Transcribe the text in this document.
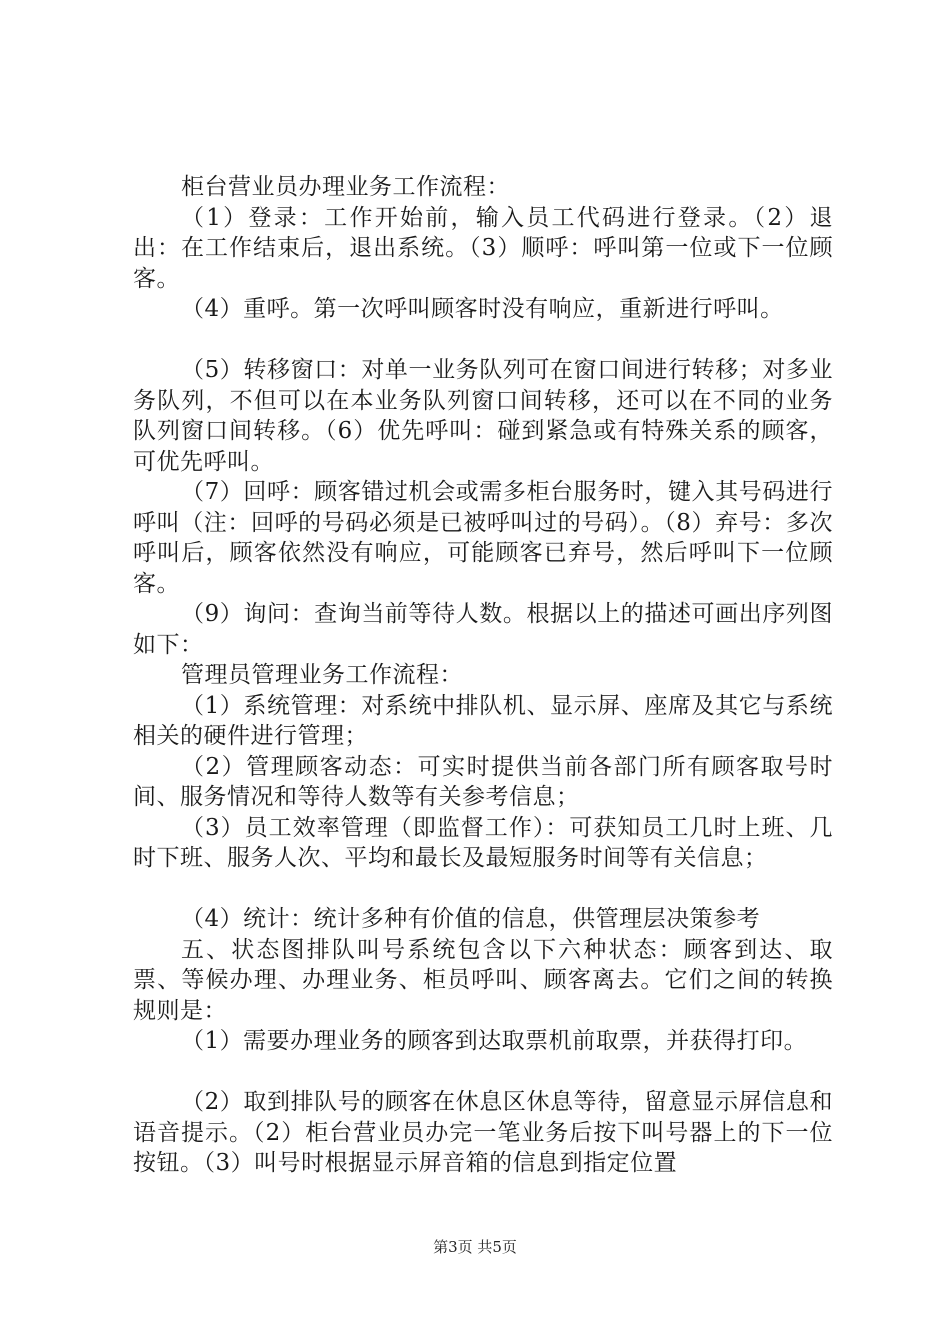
柜台营业员办理业务工作流程：

（1）登录：工作开始前，输入员工代码进行登录。（2）退出：在工作结束后，退出系统。（3）顺呼：呼叫第一位或下一位顾客。

（4）重呼。第一次呼叫顾客时没有响应，重新进行呼叫。

（5）转移窗口：对单一业务队列可在窗口间进行转移；对多业务队列，不但可以在本业务队列窗口间转移，还可以在不同的业务队列窗口间转移。（6）优先呼叫：碰到紧急或有特殊关系的顾客，可优先呼叫。

（7）回呼：顾客错过机会或需多柜台服务时，键入其号码进行呼叫（注：回呼的号码必须是已被呼叫过的号码）。（8）弃号：多次呼叫后，顾客依然没有响应，可能顾客已弃号，然后呼叫下一位顾客。

（9）询问：查询当前等待人数。根据以上的描述可画出序列图如下：

管理员管理业务工作流程：

（1）系统管理：对系统中排队机、显示屏、座席及其它与系统相关的硬件进行管理；

（2）管理顾客动态：可实时提供当前各部门所有顾客取号时间、服务情况和等待人数等有关参考信息；

（3）员工效率管理（即监督工作）：可获知员工几时上班、几时下班、服务人次、平均和最长及最短服务时间等有关信息；

（4）统计：统计多种有价值的信息，供管理层决策参考

五、状态图排队叫号系统包含以下六种状态：顾客到达、取票、等候办理、办理业务、柜员呼叫、顾客离去。它们之间的转换规则是：

（1）需要办理业务的顾客到达取票机前取票，并获得打印。

（2）取到排队号的顾客在休息区休息等待，留意显示屏信息和语音提示。（2）柜台营业员办完一笔业务后按下叫号器上的下一位按钮。（3）叫号时根据显示屏音箱的信息到指定位置

第3页 共5页
